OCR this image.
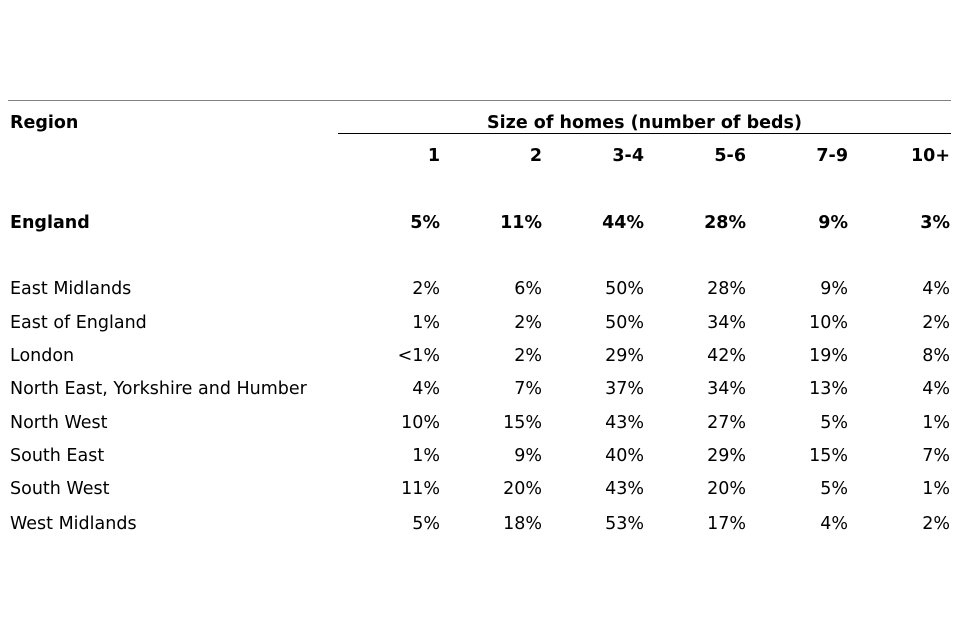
Region	Size of homes (number of beds)
1	2	3-4	5-6	7-9	10+
England	5%	11%	44%	28%	9%	3%
East Midlands	2%	6%	50%	28%	9%	4%
East of England	1%	2%	50%	34%	10%	2%
London	<1%	2%	29%	42%	19%	8%
North East, Yorkshire and Humber	4%	7%	37%	34%	13%	4%
North West	10%	15%	43%	27%	5%	1%
South East	1%	9%	40%	29%	15%	7%
South West	11%	20%	43%	20%	5%	1%
West Midlands	5%	18%	53%	17%	4%	2%
